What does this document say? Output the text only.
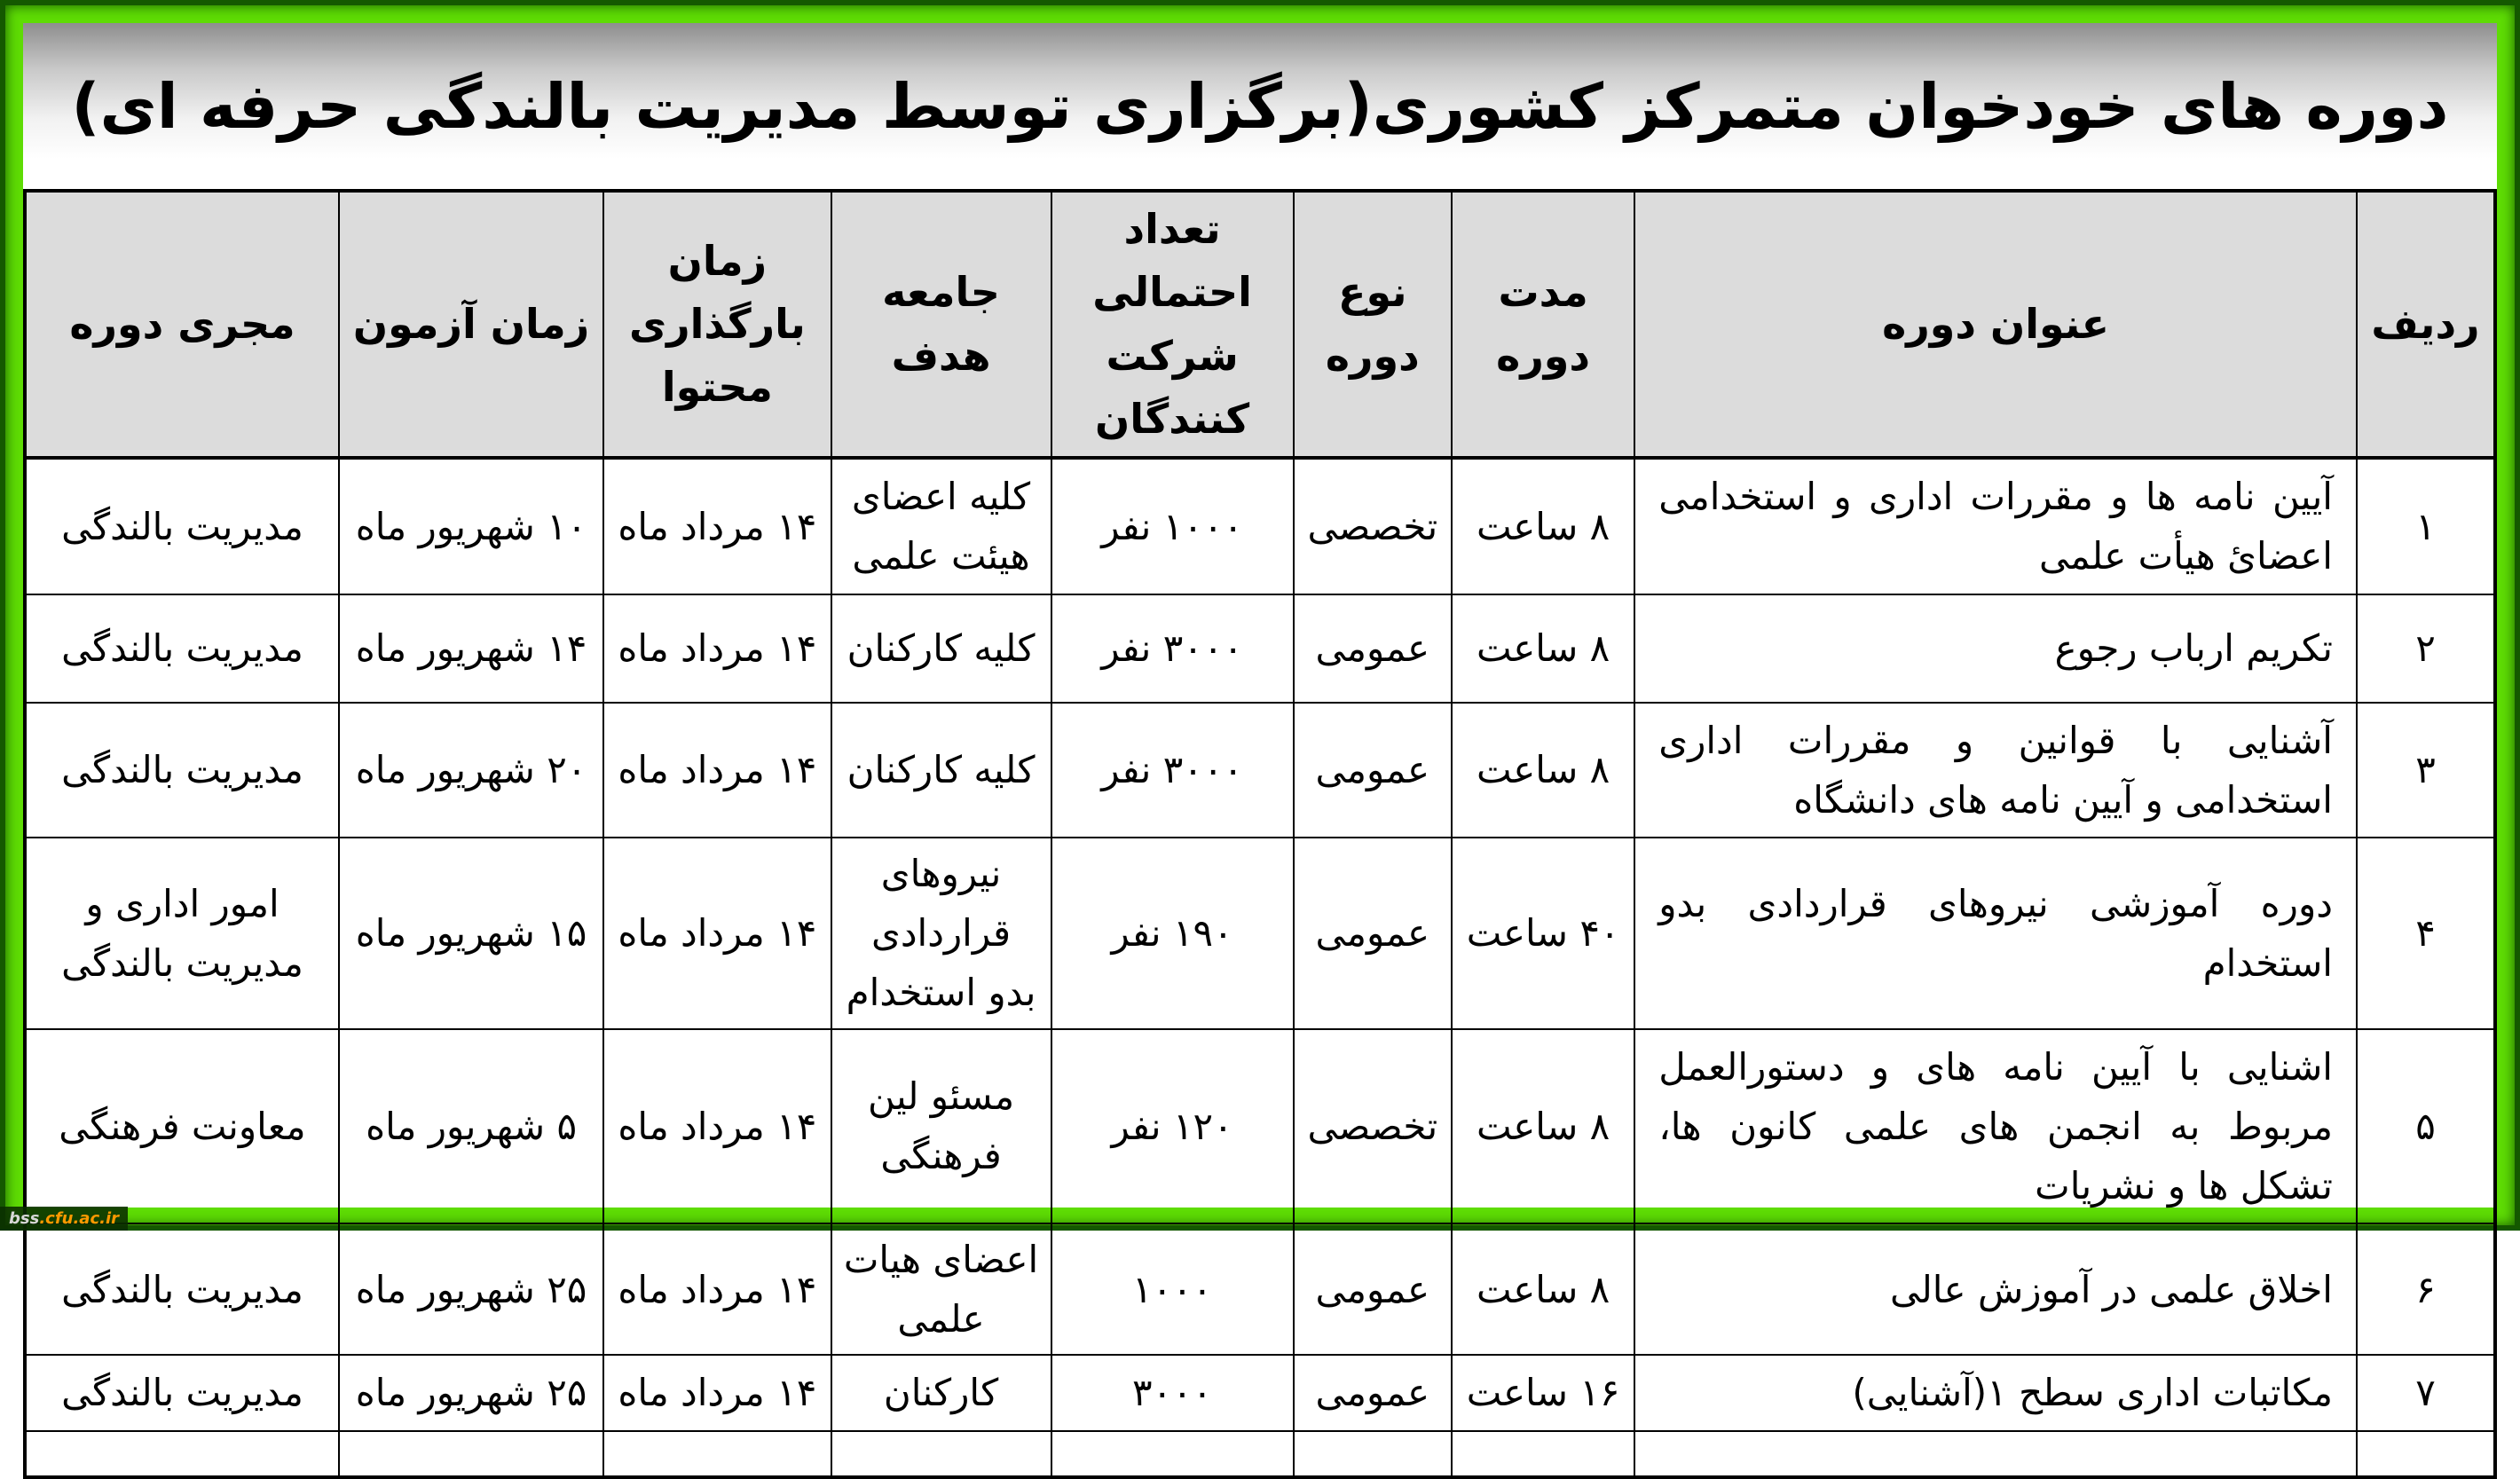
دوره های خودخوان متمرکز کشوری(برگزاری توسط مدیریت بالندگی حرفه ای)
ردیف	عنوان دوره	مدت دوره	نوع دوره	تعداد احتمالی شرکت کنندگان	جامعه هدف	زمان بارگذاری محتوا	زمان آزمون	مجری دوره
۱	آیین نامه ها و مقررات اداری و استخدامی اعضائ هیأت علمی	۸ ساعت	تخصصی	۱۰۰۰ نفر	کلیه اعضای هیئت علمی	۱۴ مرداد ماه	۱۰ شهریور ماه	مدیریت بالندگی
۲	تکریم ارباب رجوع	۸ ساعت	عمومی	۳۰۰۰ نفر	کلیه کارکنان	۱۴ مرداد ماه	۱۴ شهریور ماه	مدیریت بالندگی
۳	آشنایی با قوانین و مقررات اداری استخدامی و آیین نامه های دانشگاه	۸ ساعت	عمومی	۳۰۰۰ نفر	کلیه کارکنان	۱۴ مرداد ماه	۲۰ شهریور ماه	مدیریت بالندگی
۴	دوره آموزشی نیروهای قراردادی بدو استخدام	۴۰ ساعت	عمومی	۱۹۰ نفر	نیروهای قراردادی بدو استخدام	۱۴ مرداد ماه	۱۵ شهریور ماه	امور اداری و مدیریت بالندگی
۵	اشنایی با آیین نامه های و دستورالعمل مربوط به انجمن های علمی کانون ها، تشکل ها و نشریات	۸ ساعت	تخصصی	۱۲۰ نفر	مسئو لین فرهنگی	۱۴ مرداد ماه	۵ شهریور ماه	معاونت فرهنگی
۶	اخلاق علمی در آموزش عالی	۸ ساعت	عمومی	۱۰۰۰	اعضای هیات علمی	۱۴ مرداد ماه	۲۵ شهریور ماه	مدیریت بالندگی
۷	مکاتبات اداری سطح ۱(آشنایی)	۱۶ ساعت	عمومی	۳۰۰۰	کارکنان	۱۴ مرداد ماه	۲۵ شهریور ماه	مدیریت بالندگی

bss .cfu.ac.ir
